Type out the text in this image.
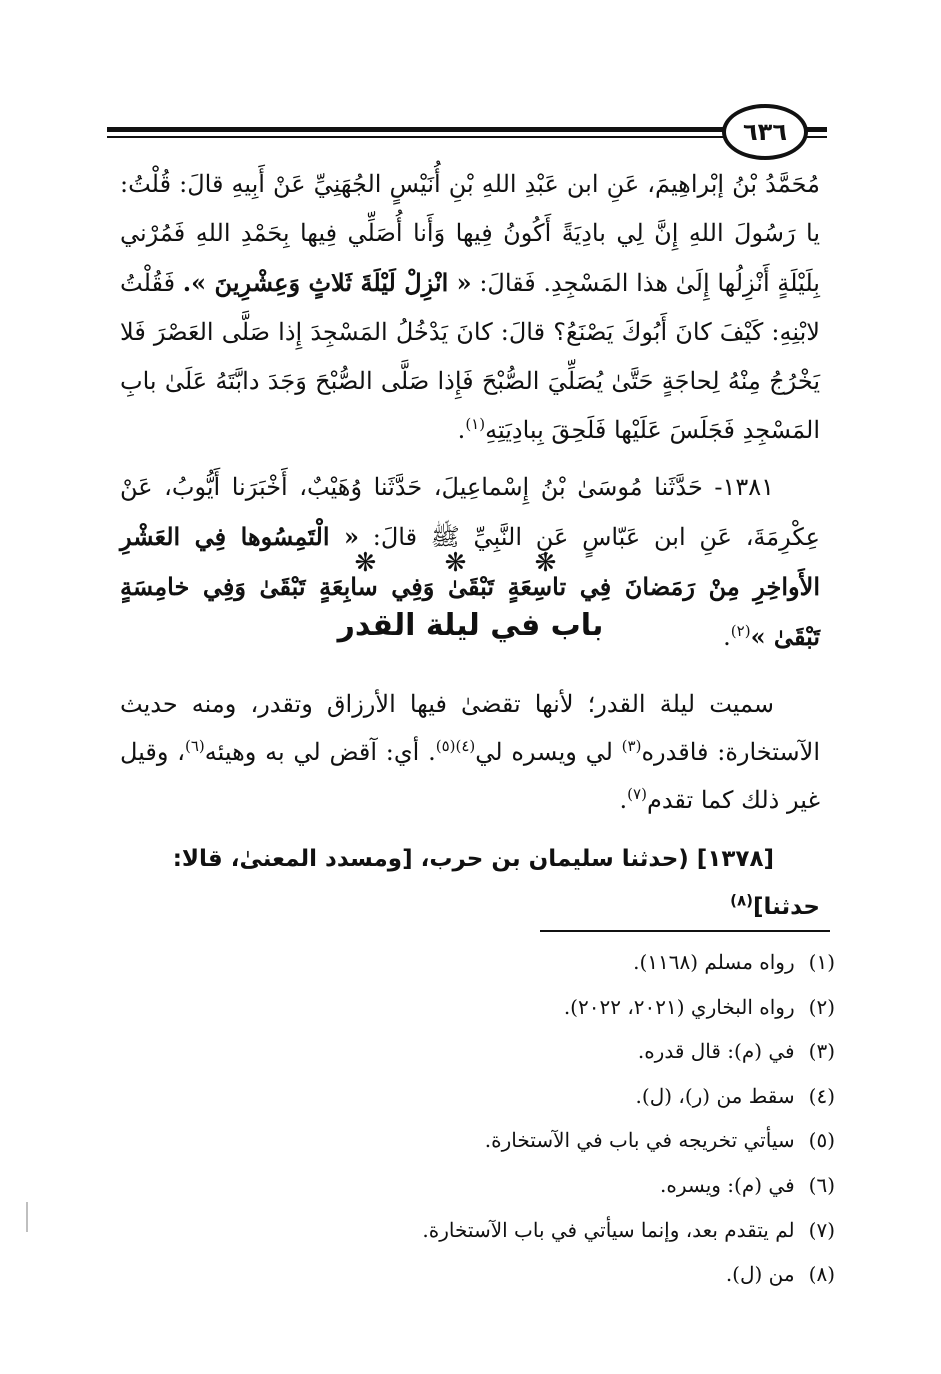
٦٣٦

مُحَمَّدُ بْنُ إبْراهِيمَ، عَنِ ابن عَبْدِ اللهِ بْنِ أُنَيْسٍ الجُهَنِيِّ عَنْ أَبِيهِ قالَ: قُلْتُ: يا رَسُولَ اللهِ إِنَّ لِي بادِيَةً أَكُونُ فِيها وَأَنا أُصَلِّي فِيها بِحَمْدِ اللهِ فَمُرْني بِلَيْلَةٍ أَنْزِلُها إِلَىٰ هذا المَسْجِدِ. فَقالَ: « انْزِلْ لَيْلَةَ ثَلاثٍ وَعِشْرِينَ ». فَقُلْتُ لابْنِهِ: كَيْفَ كانَ أَبُوكَ يَصْنَعُ؟ قالَ: كانَ يَدْخُلُ المَسْجِدَ إِذا صَلَّى العَصْرَ فَلا يَخْرُجُ مِنْهُ لِحاجَةٍ حَتَّىٰ يُصَلِّيَ الصُّبْحَ فَإِذا صَلَّى الصُّبْحَ وَجَدَ دابَّتَهُ عَلَىٰ بابِ المَسْجِدِ فَجَلَسَ عَلَيْها فَلَحِقَ بِبادِيَتِهِ$^{(١)}$.

١٣٨١- حَدَّثَنا مُوسَىٰ بْنُ إِسْماعِيلَ، حَدَّثَنا وُهَيْبٌ، أَخْبَرَنا أَيُّوبُ، عَنْ عِكْرِمَةَ، عَنِ ابن عَبّاسٍ عَنِ النَّبِيِّ ﷺ قالَ: « الْتَمِسُوها فِي العَشْرِ الأَواخِرِ مِنْ رَمَضانَ فِي تاسِعَةٍ تَبْقَىٰ وَفِي سابِعَةٍ تَبْقَىٰ وَفِي خامِسَةٍ تَبْقَىٰ »$^{(٢)}$.

❋ ❋ ❋
باب في ليلة القدر

سميت ليلة القدر؛ لأنها تقضىٰ فيها الأرزاق وتقدر، ومنه حديث الآستخارة: فاقدره$^{(٣)}$ لي ويسره لي$^{(٤)(٥)}$. أي: آقض لي به وهيئه$^{(٦)}$، وقيل غير ذلك كما تقدم$^{(٧)}$.

[١٣٧٨] (حدثنا سليمان بن حرب، [ومسدد المعنىٰ، قالا: حدثنا]$^{(٨)}$
(١)رواه مسلم (١١٦٨).
(٢)رواه البخاري (٢٠٢١، ٢٠٢٢).
(٣)في (م): قال قدره.
(٤)سقط من (ر)، (ل).
(٥)سيأتي تخريجه في باب في الآستخارة.
(٦)في (م): ويسره.
(٧)لم يتقدم بعد، وإنما سيأتي في باب الآستخارة.
(٨)من (ل).
